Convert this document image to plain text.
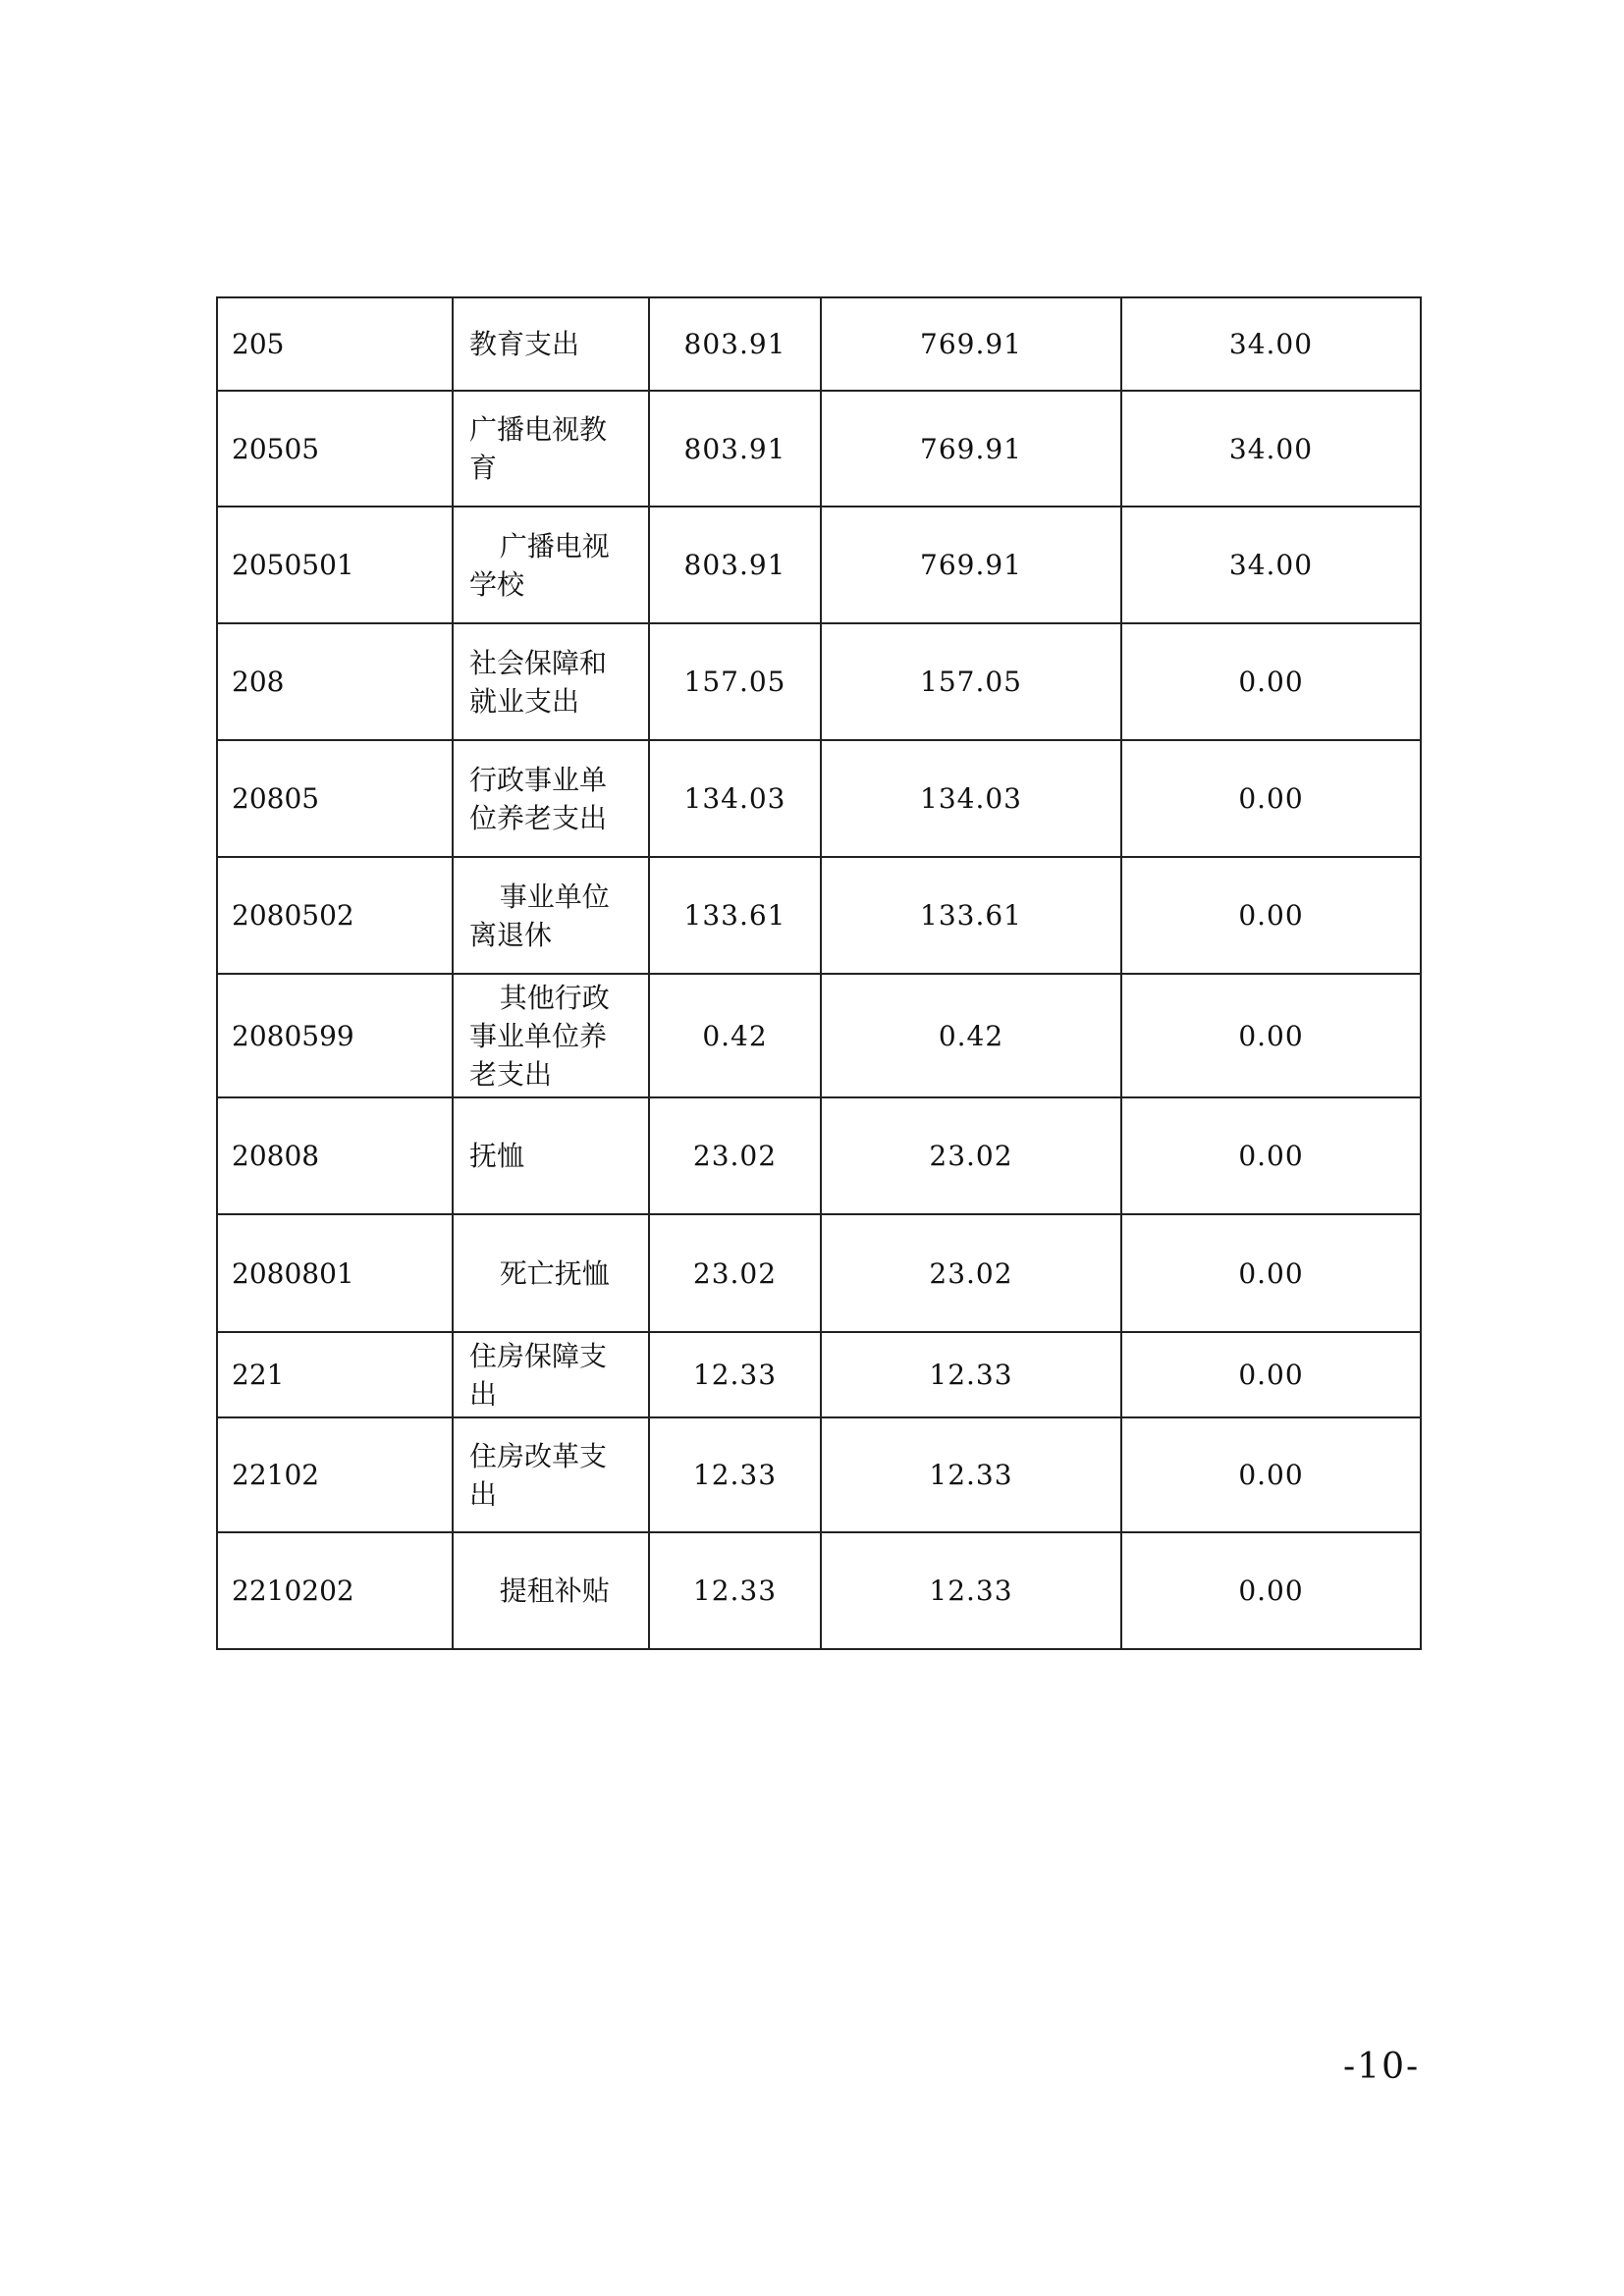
205	教育支出	803.91	769.91	34.00
20505	广播电视教育	803.91	769.91	34.00
2050501	广播电视学校	803.91	769.91	34.00
208	社会保障和就业支出	157.05	157.05	0.00
20805	行政事业单位养老支出	134.03	134.03	0.00
2080502	事业单位离退休	133.61	133.61	0.00
2080599	其他行政事业单位养老支出	0.42	0.42	0.00
20808	抚恤	23.02	23.02	0.00
2080801	死亡抚恤	23.02	23.02	0.00
221	住房保障支出	12.33	12.33	0.00
22102	住房改革支出	12.33	12.33	0.00
2210202	提租补贴	12.33	12.33	0.00
-10-
